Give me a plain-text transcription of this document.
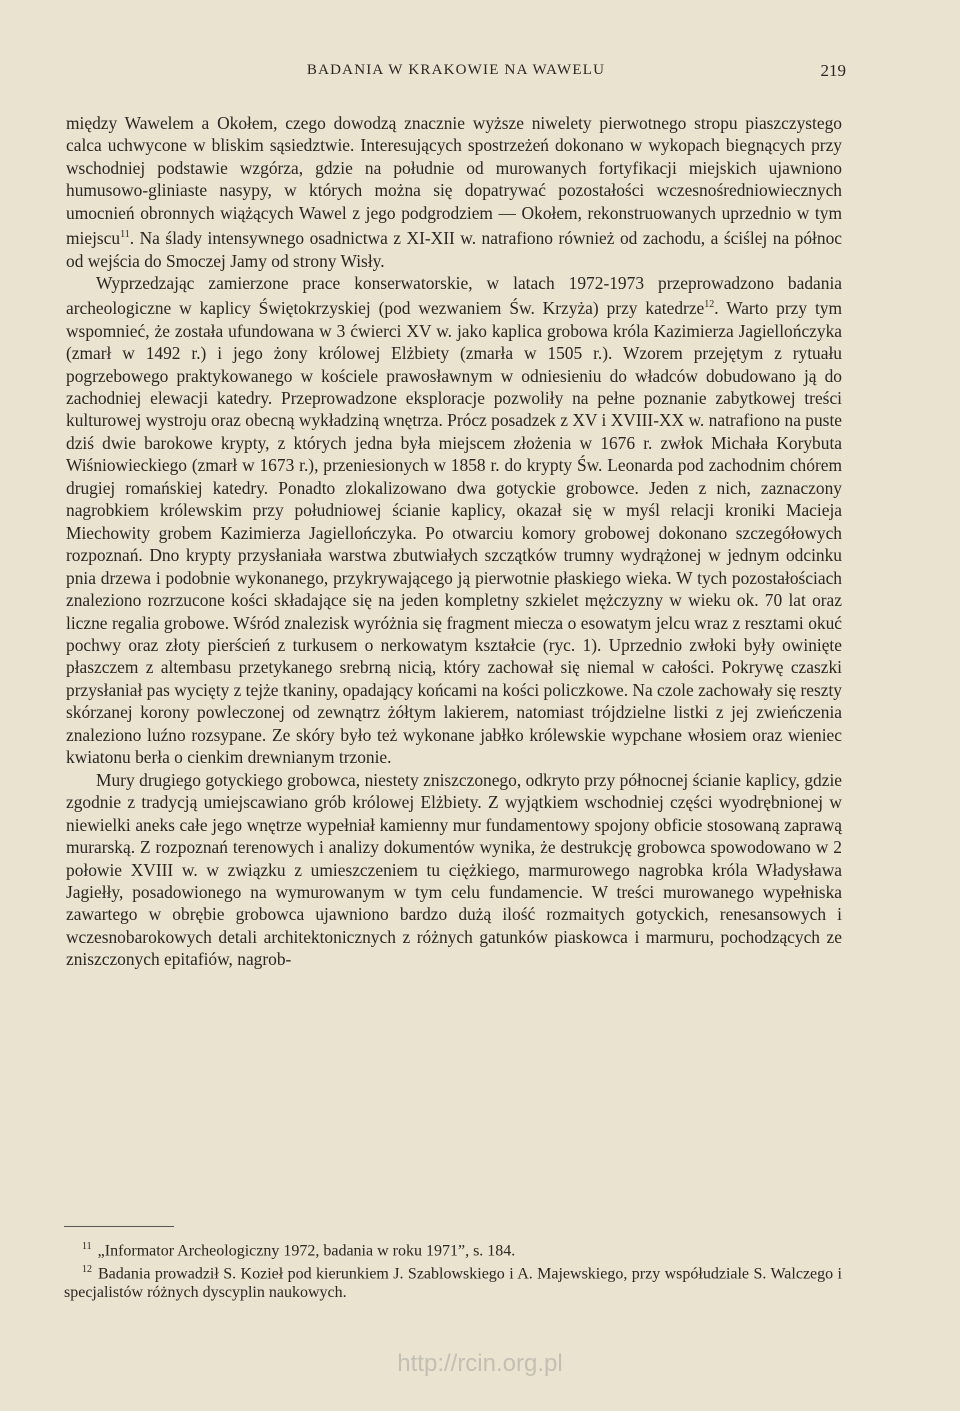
BADANIA W KRAKOWIE NA WAWELU	219

między Wawelem a Okołem, czego dowodzą znacznie wyższe niwelety pierwotnego stropu piaszczystego calca uchwycone w bliskim sąsiedztwie. Interesujących spostrzeżeń dokonano w wykopach biegnących przy wschodniej podstawie wzgórza, gdzie na południe od murowanych fortyfikacji miejskich ujawniono humusowo-gliniaste nasypy, w których można się dopatrywać pozostałości wczesnośredniowiecznych umocnień obronnych wiążących Wawel z jego podgrodziem — Okołem, rekonstruowanych uprzednio w tym miejscu$^{11}$. Na ślady intensywnego osadnictwa z XI-XII w. natrafiono również od zachodu, a ściślej na północ od wejścia do Smoczej Jamy od strony Wisły.

Wyprzedzając zamierzone prace konserwatorskie, w latach 1972-1973 przeprowadzono badania archeologiczne w kaplicy Świętokrzyskiej (pod wezwaniem Św. Krzyża) przy katedrze$^{12}$. Warto przy tym wspomnieć, że została ufundowana w 3 ćwierci XV w. jako kaplica grobowa króla Kazimierza Jagiellończyka (zmarł w 1492 r.) i jego żony królowej Elżbiety (zmarła w 1505 r.). Wzorem przejętym z rytuału pogrzebowego praktykowanego w kościele prawosławnym w odniesieniu do władców dobudowano ją do zachodniej elewacji katedry. Przeprowadzone eksploracje pozwoliły na pełne poznanie zabytkowej treści kulturowej wystroju oraz obecną wykładziną wnętrza. Prócz posadzek z XV i XVIII-XX w. natrafiono na puste dziś dwie barokowe krypty, z których jedna była miejscem złożenia w 1676 r. zwłok Michała Korybuta Wiśniowieckiego (zmarł w 1673 r.), przeniesionych w 1858 r. do krypty Św. Leonarda pod zachodnim chórem drugiej romańskiej katedry. Ponadto zlokalizowano dwa gotyckie grobowce. Jeden z nich, zaznaczony nagrobkiem królewskim przy południowej ścianie kaplicy, okazał się w myśl relacji kroniki Macieja Miechowity grobem Kazimierza Jagiellończyka. Po otwarciu komory grobowej dokonano szczegółowych rozpoznań. Dno krypty przysłaniała warstwa zbutwiałych szczątków trumny wydrążonej w jednym odcinku pnia drzewa i podobnie wykonanego, przykrywającego ją pierwotnie płaskiego wieka. W tych pozostałościach znaleziono rozrzucone kości składające się na jeden kompletny szkielet mężczyzny w wieku ok. 70 lat oraz liczne regalia grobowe. Wśród znalezisk wyróżnia się fragment miecza o esowatym jelcu wraz z resztami okuć pochwy oraz złoty pierścień z turkusem o nerkowatym kształcie (ryc. 1). Uprzednio zwłoki były owinięte płaszczem z altembasu przetykanego srebrną nicią, który zachował się niemal w całości. Pokrywę czaszki przysłaniał pas wycięty z tejże tkaniny, opadający końcami na kości policzkowe. Na czole zachowały się reszty skórzanej korony powleczonej od zewnątrz żółtym lakierem, natomiast trójdzielne listki z jej zwieńczenia znaleziono luźno rozsypane. Ze skóry było też wykonane jabłko królewskie wypchane włosiem oraz wieniec kwiatonu berła o cienkim drewnianym trzonie.

Mury drugiego gotyckiego grobowca, niestety zniszczonego, odkryto przy północnej ścianie kaplicy, gdzie zgodnie z tradycją umiejscawiano grób królowej Elżbiety. Z wyjątkiem wschodniej części wyodrębnionej w niewielki aneks całe jego wnętrze wypełniał kamienny mur fundamentowy spojony obficie stosowaną zaprawą murarską. Z rozpoznań terenowych i analizy dokumentów wynika, że destrukcję grobowca spowodowano w 2 połowie XVIII w. w związku z umieszczeniem tu ciężkiego, marmurowego nagrobka króla Władysława Jagiełły, posadowionego na wymurowanym w tym celu fundamencie. W treści murowanego wypełniska zawartego w obrębie grobowca ujawniono bardzo dużą ilość rozmaitych gotyckich, renesansowych i wczesnobarokowych detali architektonicznych z różnych gatunków piaskowca i marmuru, pochodzących ze zniszczonych epitafiów, nagrob-

$^{11}$ „Informator Archeologiczny 1972, badania w roku 1971”, s. 184.

$^{12}$ Badania prowadził S. Kozieł pod kierunkiem J. Szablowskiego i A. Majewskiego, przy współudziale S. Walczego i specjalistów różnych dyscyplin naukowych.

http://rcin.org.pl
